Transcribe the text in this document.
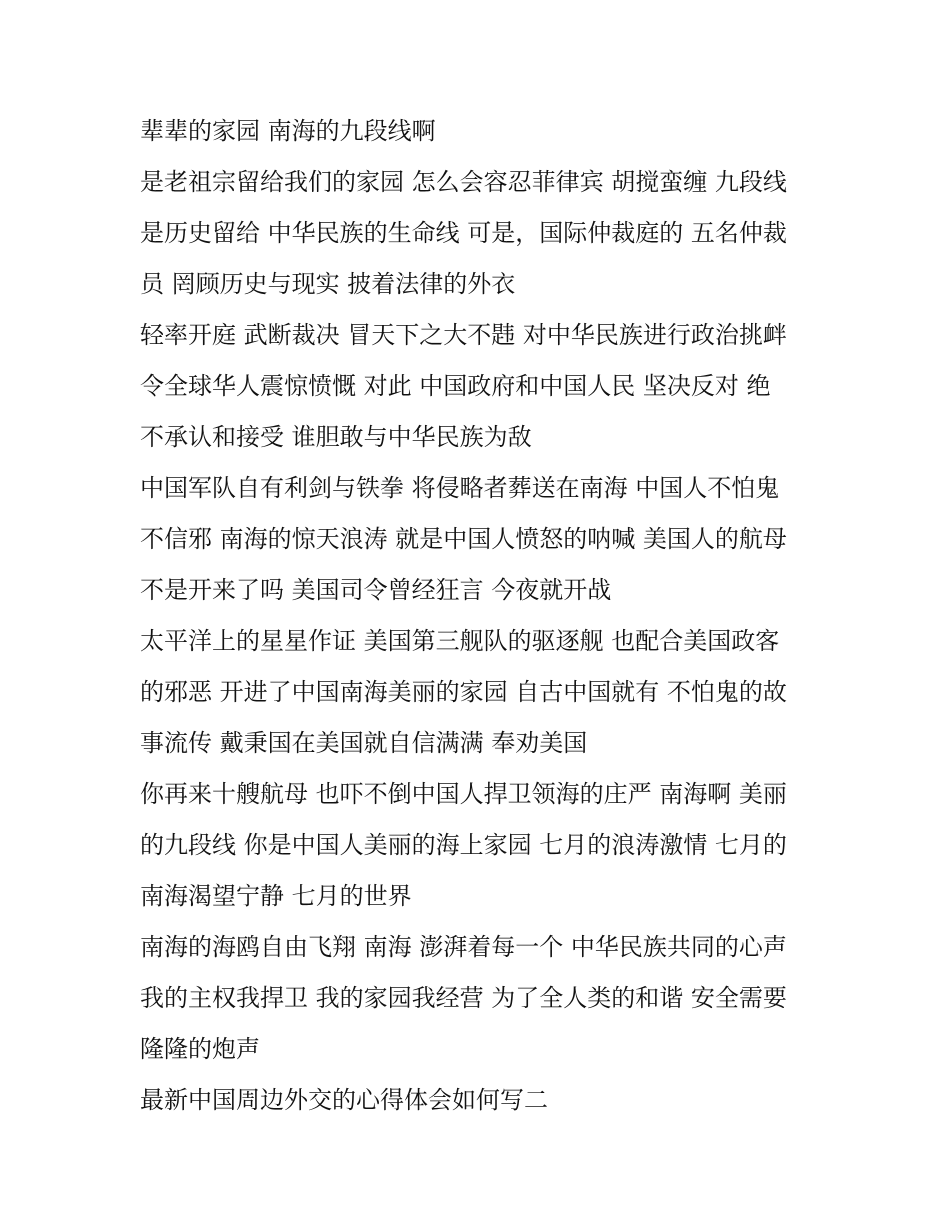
辈辈的家园 南海的九段线啊
是老祖宗留给我们的家园 怎么会容忍菲律宾 胡搅蛮缠 九段线
是历史留给 中华民族的生命线 可是，国际仲裁庭的 五名仲裁
员 罔顾历史与现实 披着法律的外衣
轻率开庭 武断裁决 冒天下之大不韪 对中华民族进行政治挑衅
令全球华人震惊愤慨 对此 中国政府和中国人民 坚决反对 绝
不承认和接受 谁胆敢与中华民族为敌
中国军队自有利剑与铁拳 将侵略者葬送在南海 中国人不怕鬼
不信邪 南海的惊天浪涛 就是中国人愤怒的呐喊 美国人的航母
不是开来了吗 美国司令曾经狂言 今夜就开战
太平洋上的星星作证 美国第三舰队的驱逐舰 也配合美国政客
的邪恶 开进了中国南海美丽的家园 自古中国就有 不怕鬼的故
事流传 戴秉国在美国就自信满满 奉劝美国
你再来十艘航母 也吓不倒中国人捍卫领海的庄严 南海啊 美丽
的九段线 你是中国人美丽的海上家园 七月的浪涛激情 七月的
南海渴望宁静 七月的世界
南海的海鸥自由飞翔 南海 澎湃着每一个 中华民族共同的心声
我的主权我捍卫 我的家园我经营 为了全人类的和谐 安全需要
隆隆的炮声
最新中国周边外交的心得体会如何写二
